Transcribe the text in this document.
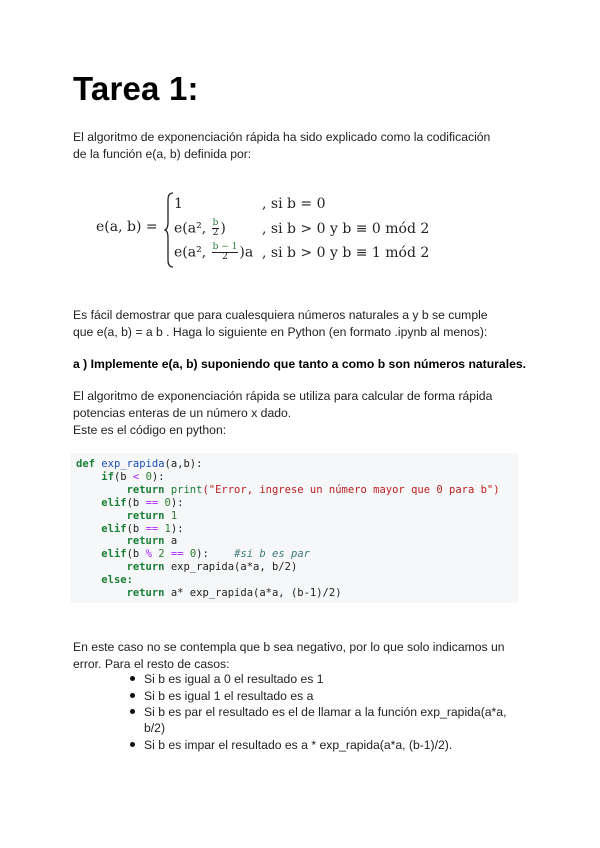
Tarea 1:
El algoritmo de exponenciación rápida ha sido explicado como la codificación
de la función e(a, b) definida por:
e(a, b) =
1	, si b = 0
e(a², $\frac{b}{2}$ )	, si b > 0 y b ≡ 0 mód 2
e(a², $\frac{b - 1}{2} )a$ , si b > 0 y b ≡ 1 mód 2
Es fácil demostrar que para cualesquiera números naturales a y b se cumple
que e(a, b) = a b . Haga lo siguiente en Python (en formato .ipynb al menos):
a ) Implemente e(a, b) suponiendo que tanto a como b son números naturales.
El algoritmo de exponenciación rápida se utiliza para calcular de forma rápida
potencias enteras de un número x dado.
Este es el código en python:
def exp_rapida(a,b):
if(b < 0):
return print("Error, ingrese un número mayor que 0 para b")
elif(b == 0):
return 1
elif(b == 1):
return a
elif(b % 2 == 0): #si b es par
return exp_rapida(a*a, b/2)
else:
return a* exp_rapida(a*a, (b-1)/2)
En este caso no se contempla que b sea negativo, por lo que solo indicamos un
error. Para el resto de casos:
Si b es igual a 0 el resultado es 1
Si b es igual 1 el resultado es a
Si b es par el resultado es el de llamar a la función exp_rapida(a*a, b/2)
Si b es impar el resultado es a * exp_rapida(a*a, (b-1)/2).
